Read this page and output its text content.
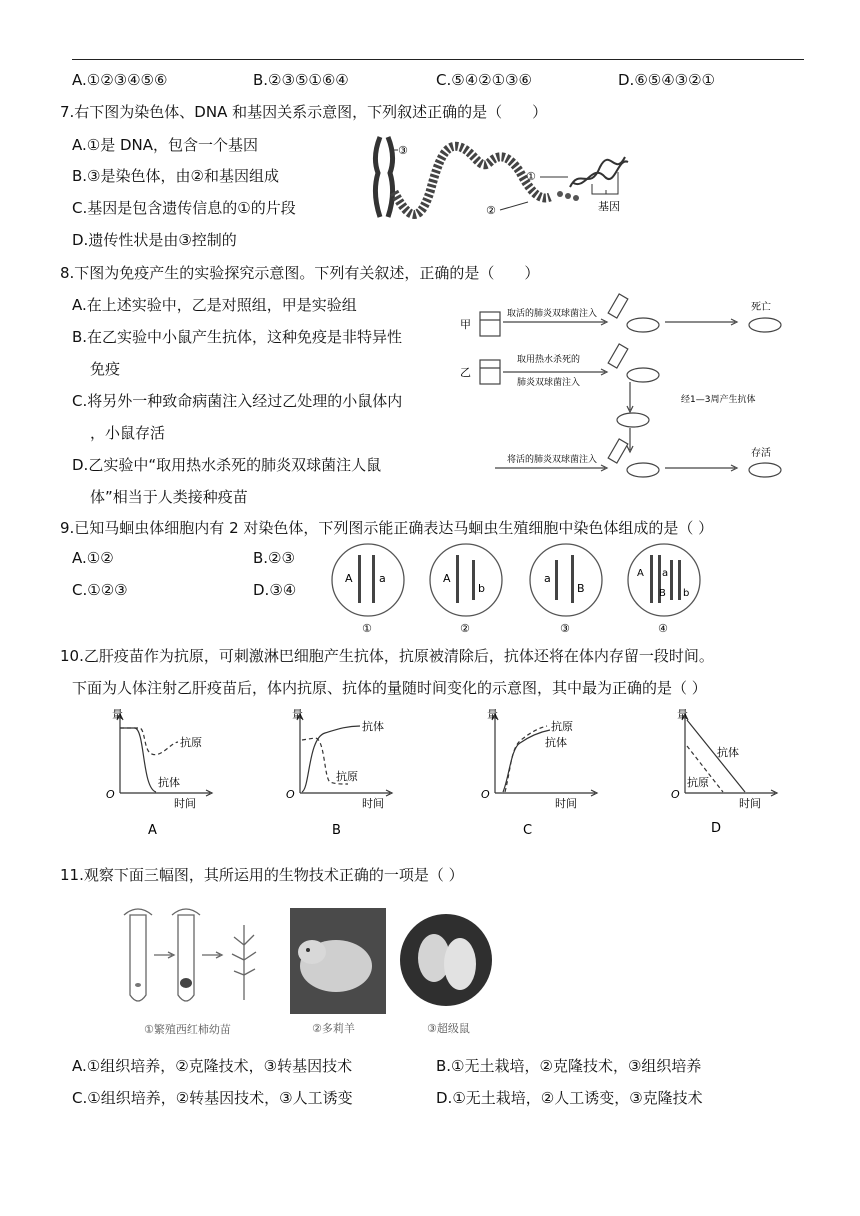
A.①②③④⑤⑥	B.②③⑤①⑥④	C.⑤④②①③⑥	D.⑥⑤④③②①
7.右下图为染色体、DNA 和基因关系示意图，下列叙述正确的是（　　）
A.①是 DNA，包含一个基因
B.③是染色体，由②和基因组成
C.基因是包含遗传信息的①的片段
D.遗传性状是由③控制的
③
①
②	基因
8.下图为免疫产生的实验探究示意图。下列有关叙述，正确的是（　　）
A.在上述实验中，乙是对照组，甲是实验组
B.在乙实验中小鼠产生抗体，这种免疫是非特异性
免疫
C.将另外一种致命病菌注入经过乙处理的小鼠体内
，小鼠存活
D.乙实验中“取用热水杀死的肺炎双球菌注人鼠
体”相当于人类接种疫苗
甲
乙
取活的肺炎双球菌注入
取用热水杀死的
肺炎双球菌注入
死亡
经1—3周产生抗体
将活的肺炎双球菌注入
存活
9.已知马蛔虫体细胞内有 2 对染色体，下列图示能正确表达马蛔虫生殖细胞中染色体组成的是（ ）
A.①②	B.②③
C.①②③	D.③④
A a	A
b
a
B
A a
B b
①	②	③	④
10.乙肝疫苗作为抗原，可刺激淋巴细胞产生抗体，抗原被清除后，抗体还将在体内存留一段时间。
下面为人体注射乙肝疫苗后，体内抗原、抗体的量随时间变化的示意图，其中最为正确的是（ ）
量
抗原
抗体
O
时间
A
量
抗体
抗原
O
时间
B
量
抗原
抗体
O
时间
C
量
抗体
抗原
O
时间
D
11.观察下面三幅图，其所运用的生物技术正确的一项是（ ）
①繁殖西红柿幼苗	②多莉羊	③超级鼠
A.①组织培养，②克隆技术，③转基因技术	B.①无土栽培，②克隆技术，③组织培养
C.①组织培养，②转基因技术，③人工诱变	D.①无土栽培，②人工诱变，③克隆技术
